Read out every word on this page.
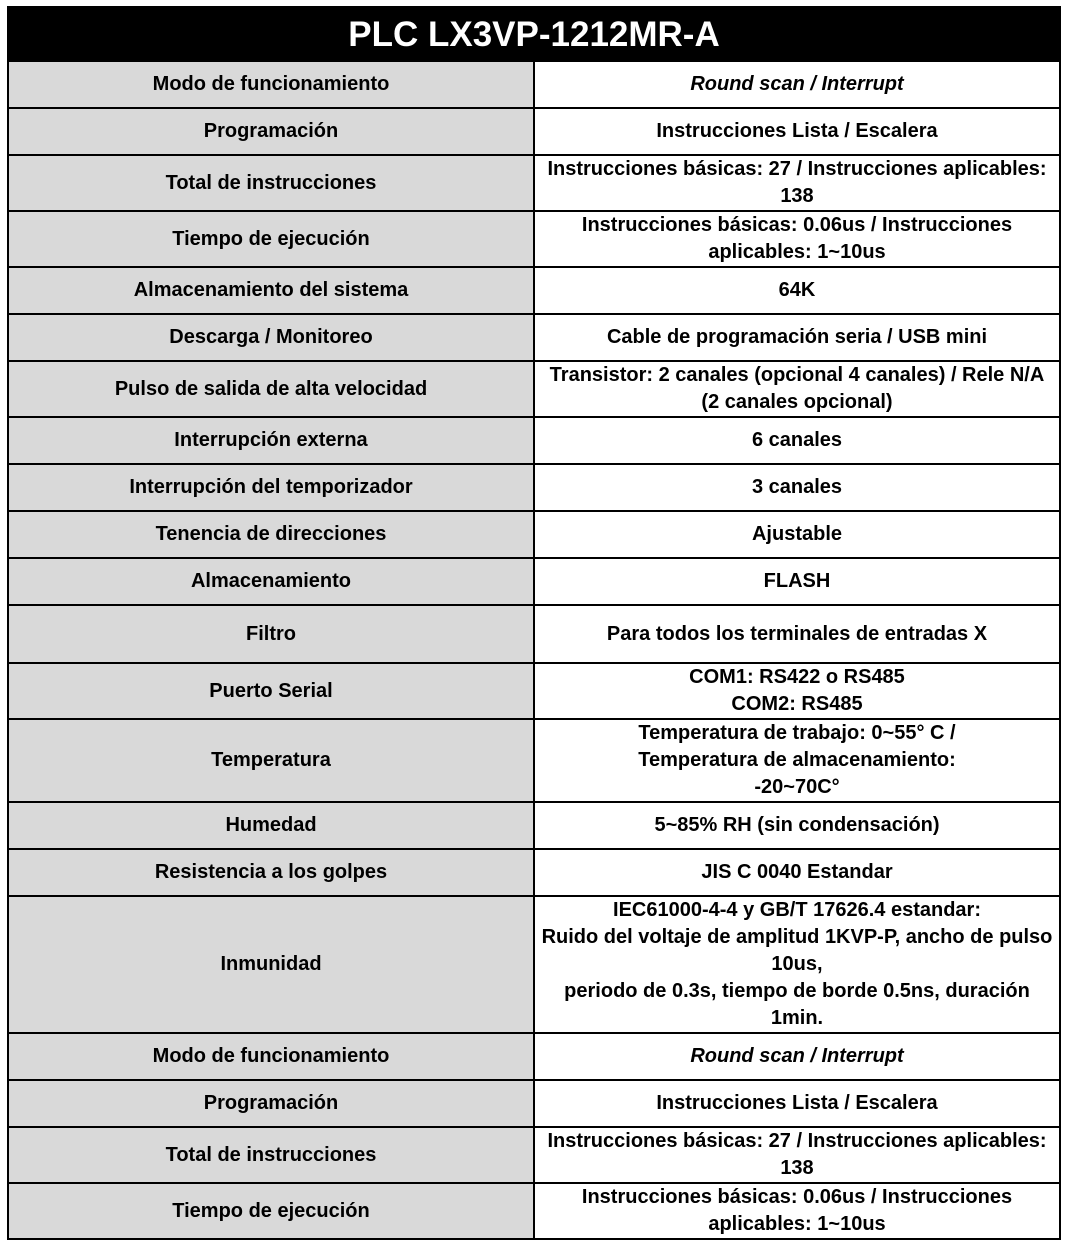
PLC LX3VP-1212MR-A	
Modo de funcionamiento	Round scan / Interrupt
Programación	Instrucciones Lista / Escalera
Total de instrucciones	Instrucciones básicas: 27 / Instrucciones aplicables: 138
Tiempo de ejecución	Instrucciones básicas: 0.06us / Instrucciones aplicables: 1~10us
Almacenamiento del sistema	64K
Descarga / Monitoreo	Cable de programación seria / USB mini
Pulso de salida de alta velocidad	Transistor: 2 canales (opcional 4 canales) / Rele N/A (2 canales opcional)
Interrupción externa	6 canales
Interrupción del temporizador	3 canales
Tenencia de direcciones	Ajustable
Almacenamiento	FLASH
Filtro	Para todos los terminales de entradas X
Puerto Serial	COM1: RS422 o RS485
COM2: RS485
Temperatura	Temperatura de trabajo: 0~55° C / Temperatura de almacenamiento: -20~70C°
Humedad	5~85% RH (sin condensación)
Resistencia a los golpes	JIS C 0040 Estandar
Inmunidad	IEC61000-4-4 y GB/T 17626.4 estandar:
Ruido del voltaje de amplitud 1KVP-P, ancho de pulso 10us,
periodo de 0.3s, tiempo de borde 0.5ns, duración 1min.
Modo de funcionamiento	Round scan / Interrupt
Programación	Instrucciones Lista / Escalera
Total de instrucciones	Instrucciones básicas: 27 / Instrucciones aplicables: 138
Tiempo de ejecución	Instrucciones básicas: 0.06us / Instrucciones aplicables: 1~10us
